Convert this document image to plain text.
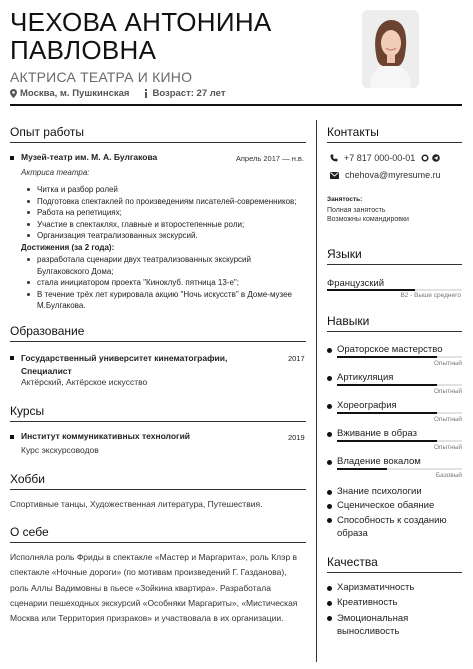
ЧЕХОВА АНТОНИНА
ПАВЛОВНА
АКТРИСА ТЕАТРА И КИНО
Москва, м. Пушкинская Возраст: 27 лет
Опыт работы
Музей-театр им. М. А. Булгакова	Апрель 2017 — н.в.
Актриса театра:
Читка и разбор ролей
Подготовка спектаклей по произведениям писателей-современников;
Работа на репетициях;
Участие в спектаклях, главные и второстепенные роли;
Организация театрализованных экскурсий.
Достижения (за 2 года):
разработала сценарии двух театрализованных экскурсий Булгаковского Дома;
стала инициатором проекта "Киноклуб. пятница 13-е";
В течение трёх лет курировала акцию "Ночь искусств" в Доме-музее М.Булгакова.
Образование
Государственный университет кинематографии, Специалист
2017
Актёрский, Актёрское искусство
Курсы
Институт коммуникативных технологий	2019
Курс экскурсоводов
Хобби
Спортивные танцы, Художественная литература, Путешествия.
О себе
Исполняла роль Фриды в спектакле «Мастер и Маргарита», роль Клэр в спектакле «Ночные дороги» (по мотивам произведений Г. Газданова), роль Аллы Вадимовны в пьесе «Зойкина квартира». Разработала сценарии пешеходных экскурсий «Особняки Маргариты», «Мистическая Москва или Территория призраков» и участвовала в их организации.
Контакты
+7 817 000-00-01
chehova@myresume.ru
Занятость:
Полная занятость
Возможны командировки
Языки
Французский
B2 - Выше среднего
Навыки
Ораторское мастерство
Опытный
Артикуляция
Опытный
Хореография
Опытный
Вживание в образ
Опытный
Владение вокалом
Базовый
Знание психологии
Сценическое обаяние
Способность к созданию образа
Качества
Харизматичность
Креативность
Эмоциональная выносливость
